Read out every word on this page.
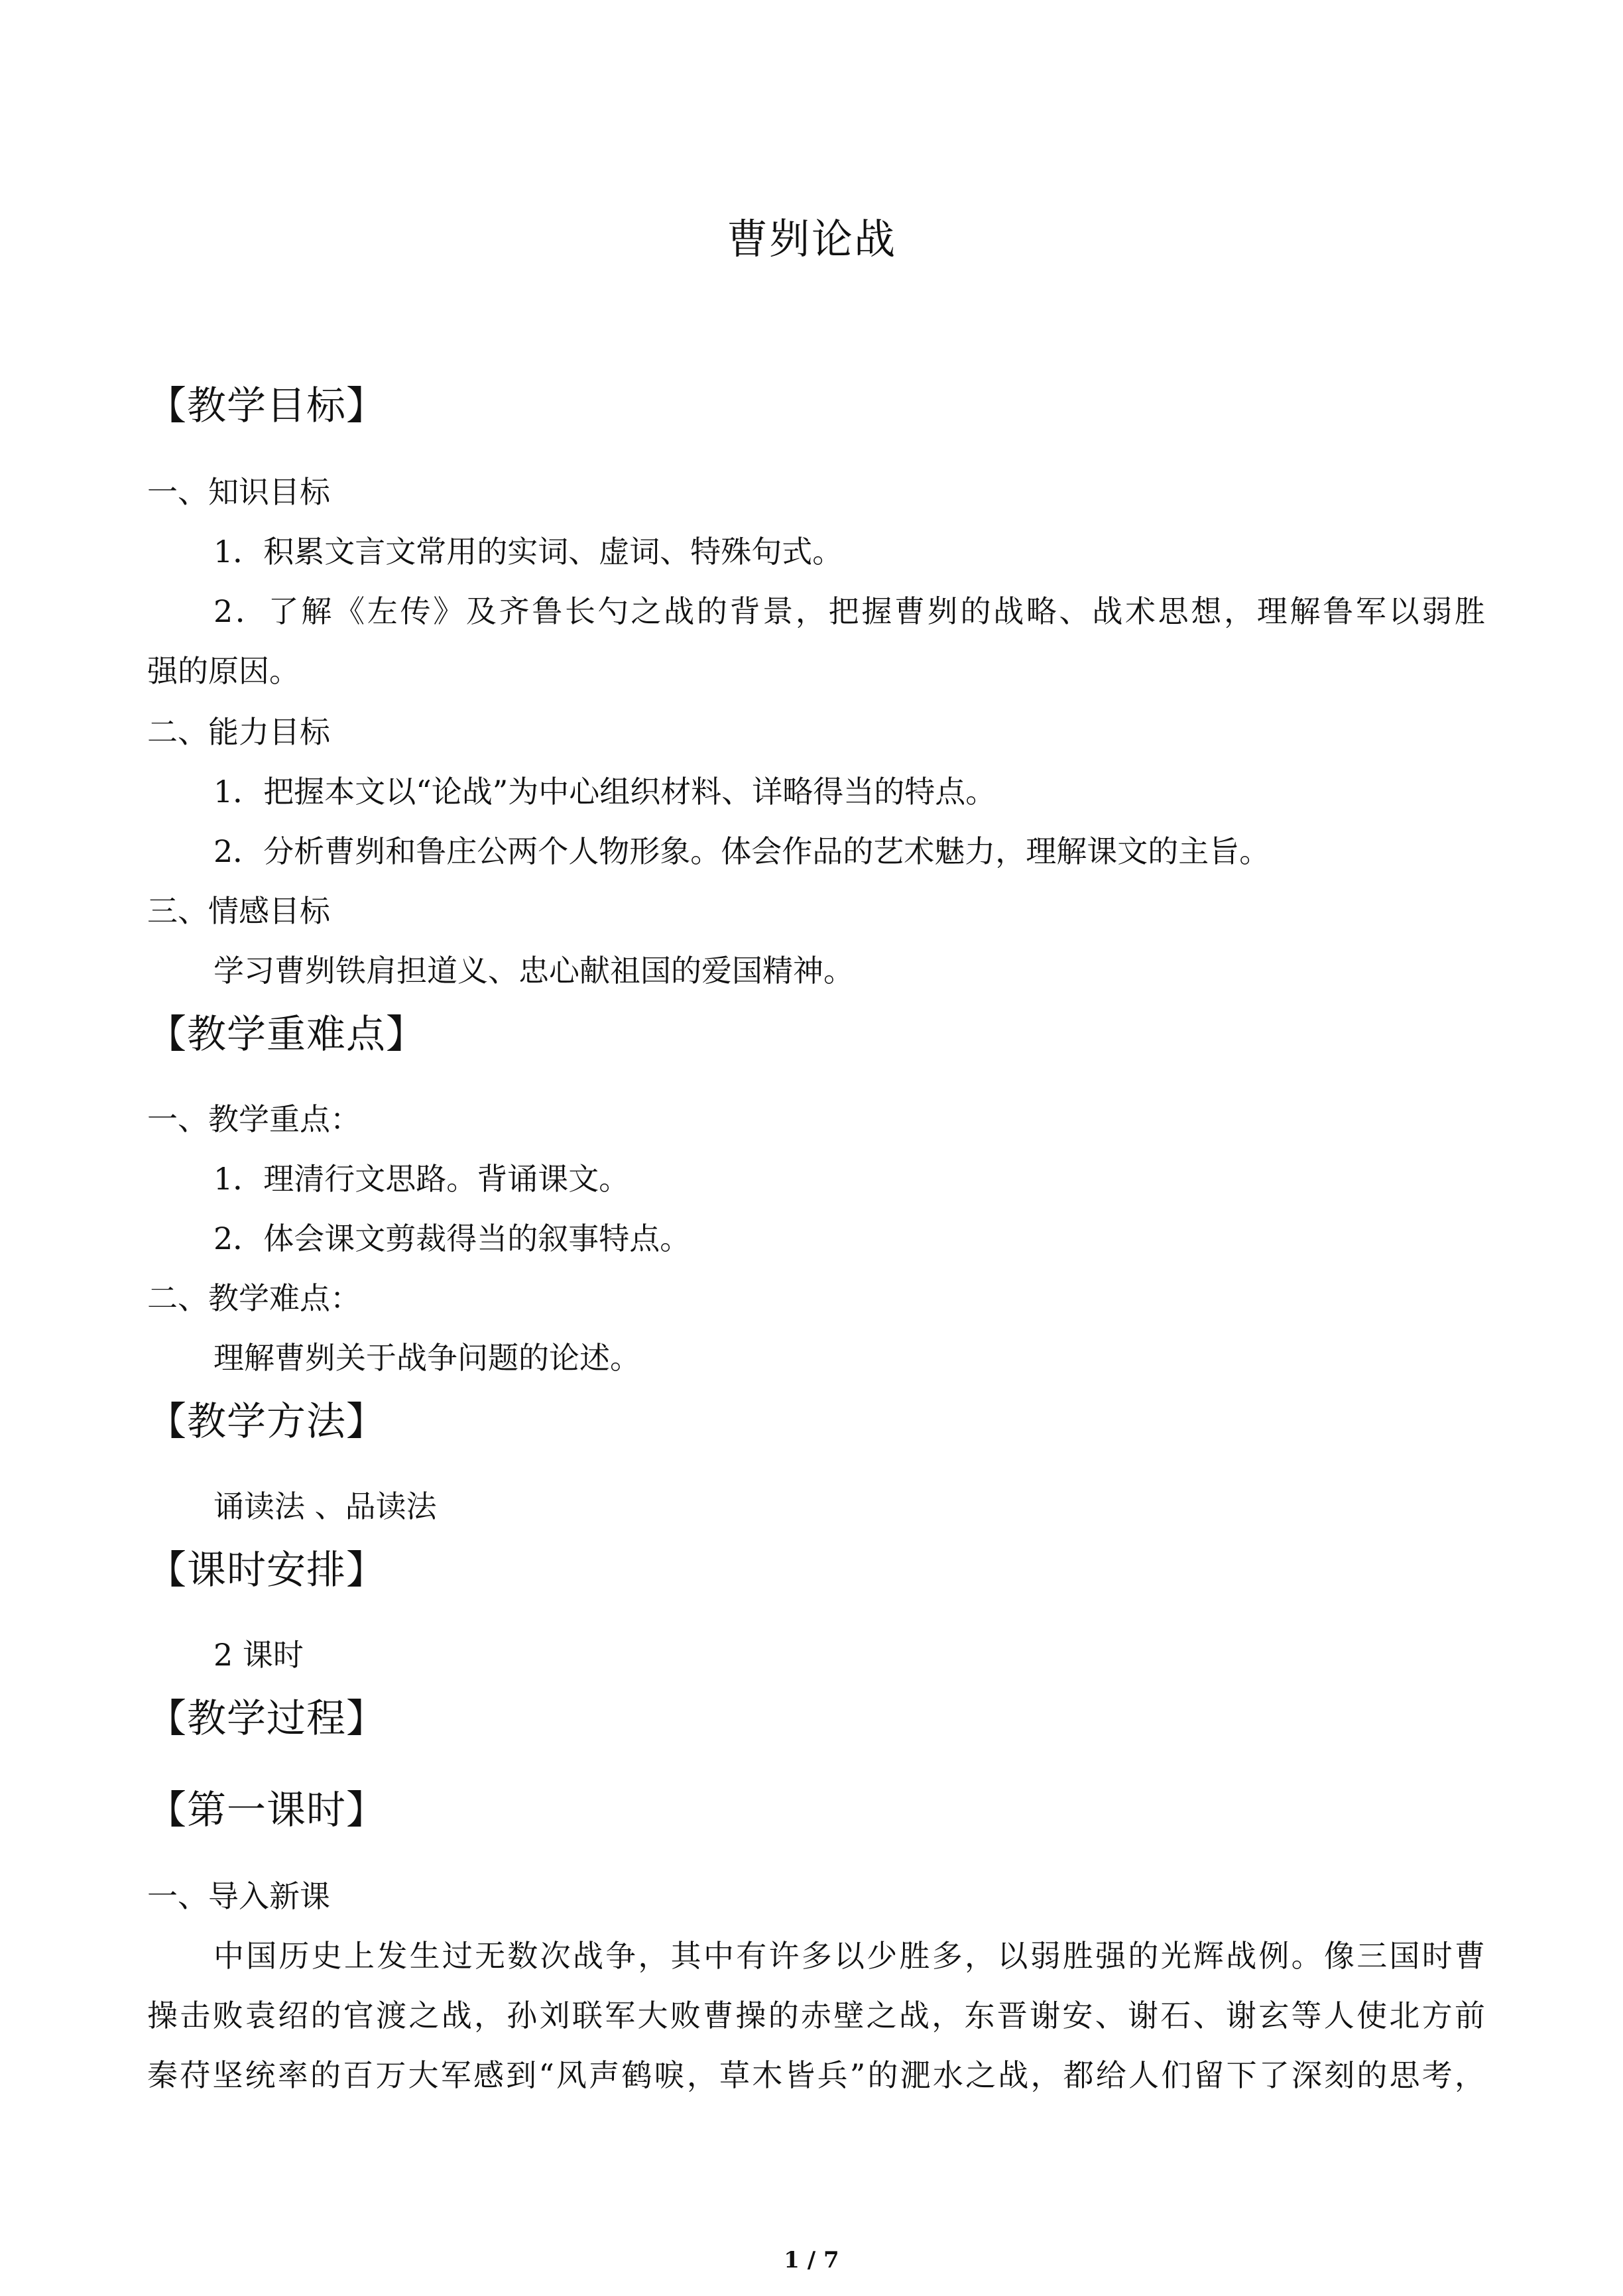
曹刿论战
【教学目标】
一、知识目标
1．积累文言文常用的实词、虚词、特殊句式。
2．了解《左传》及齐鲁长勺之战的背景，把握曹刿的战略、战术思想，理解鲁军以弱胜
强的原因。
二、能力目标
1．把握本文以“论战”为中心组织材料、详略得当的特点。
2．分析曹刿和鲁庄公两个人物形象。体会作品的艺术魅力，理解课文的主旨。
三、情感目标
学习曹刿铁肩担道义、忠心献祖国的爱国精神。
【教学重难点】
一、教学重点：
1．理清行文思路。背诵课文。
2．体会课文剪裁得当的叙事特点。
二、教学难点：
理解曹刿关于战争问题的论述。
【教学方法】
诵读法 、品读法
【课时安排】
2 课时
【教学过程】
【第一课时】
一、导入新课
中国历史上发生过无数次战争，其中有许多以少胜多，以弱胜强的光辉战例。像三国时曹
操击败袁绍的官渡之战，孙刘联军大败曹操的赤壁之战，东晋谢安、谢石、谢玄等人使北方前
秦苻坚统率的百万大军感到“风声鹤唳，草木皆兵”的淝水之战，都给人们留下了深刻的思考，
1 / 7
